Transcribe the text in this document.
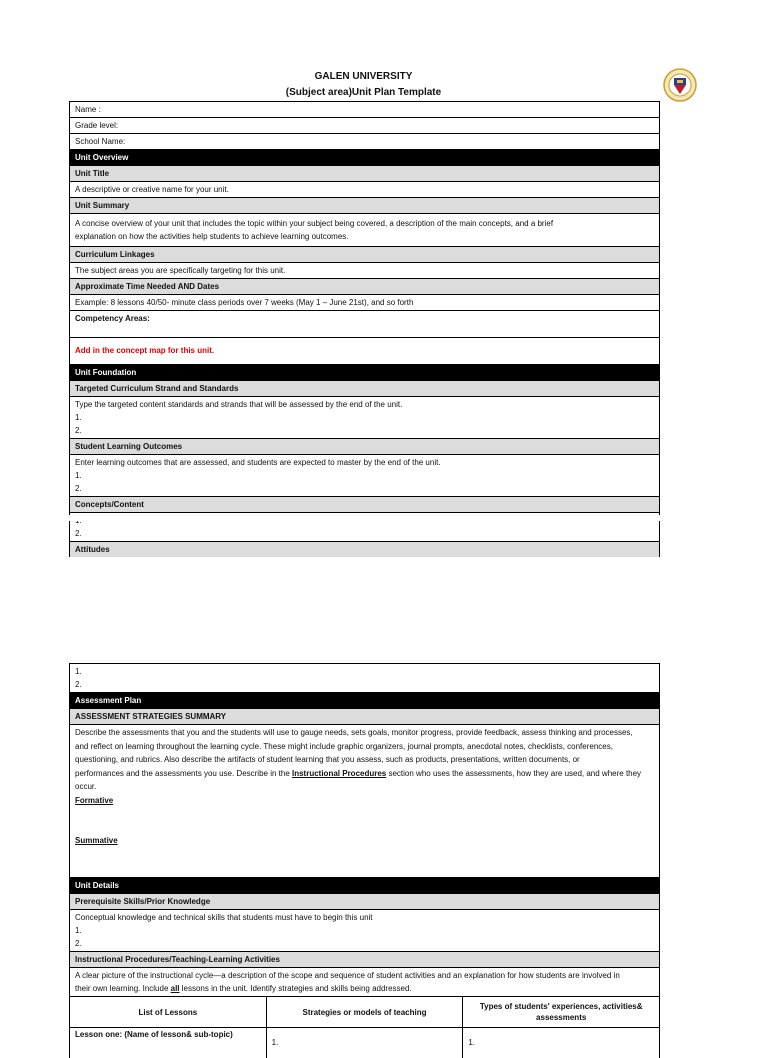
GALEN UNIVERSITY
(Subject area)Unit Plan Template
Name :
Grade level:
School Name:
Unit Overview
Unit Title
A descriptive or creative name for your unit.
Unit Summary
A concise overview of your unit that includes the topic within your subject being covered, a description of the main concepts, and a brief
explanation on how the activities help students to achieve learning outcomes.
Curriculum Linkages
The subject areas you are specifically targeting for this unit.
Approximate Time Needed AND Dates
Example: 8 lessons 40/50- minute class periods over 7 weeks (May 1 – June 21st), and so forth
Competency Areas:
Add in the concept map for this unit.
Unit Foundation
Targeted Curriculum Strand and Standards
Type the targeted content standards and strands that will be assessed by the end of the unit.
1.
2.
Student Learning Outcomes
Enter learning outcomes that are assessed, and students are expected to master by the end of the unit.
1.
2.
Concepts/Content
2.
Attitudes
1.
2.
Assessment Plan
ASSESSMENT STRATEGIES SUMMARY
Describe the assessments that you and the students will use to gauge needs, sets goals, monitor progress, provide feedback, assess thinking and processes,
and reflect on learning throughout the learning cycle. These might include graphic organizers, journal prompts, anecdotal notes, checklists, conferences,
questioning, and rubrics. Also describe the artifacts of student learning that you assess, such as products, presentations, written documents, or
performances and the assessments you use. Describe in the Instructional Procedures section who uses the assessments, how they are used, and where they
occur.
Formative
Summative
Unit Details
Prerequisite Skills/Prior Knowledge
Conceptual knowledge and technical skills that students must have to begin this unit
1.
2.
Instructional Procedures/Teaching-Learning Activities
A clear picture of the instructional cycle—a description of the scope and sequence of student activities and an explanation for how students are involved in
their own learning. Include all lessons in the unit. Identify strategies and skills being addressed.
List of Lessons	Strategies or models of teaching
Types of students' experiences, activities& assessments
Lesson one: (Name of lesson& sub-topic)
1.	1.
